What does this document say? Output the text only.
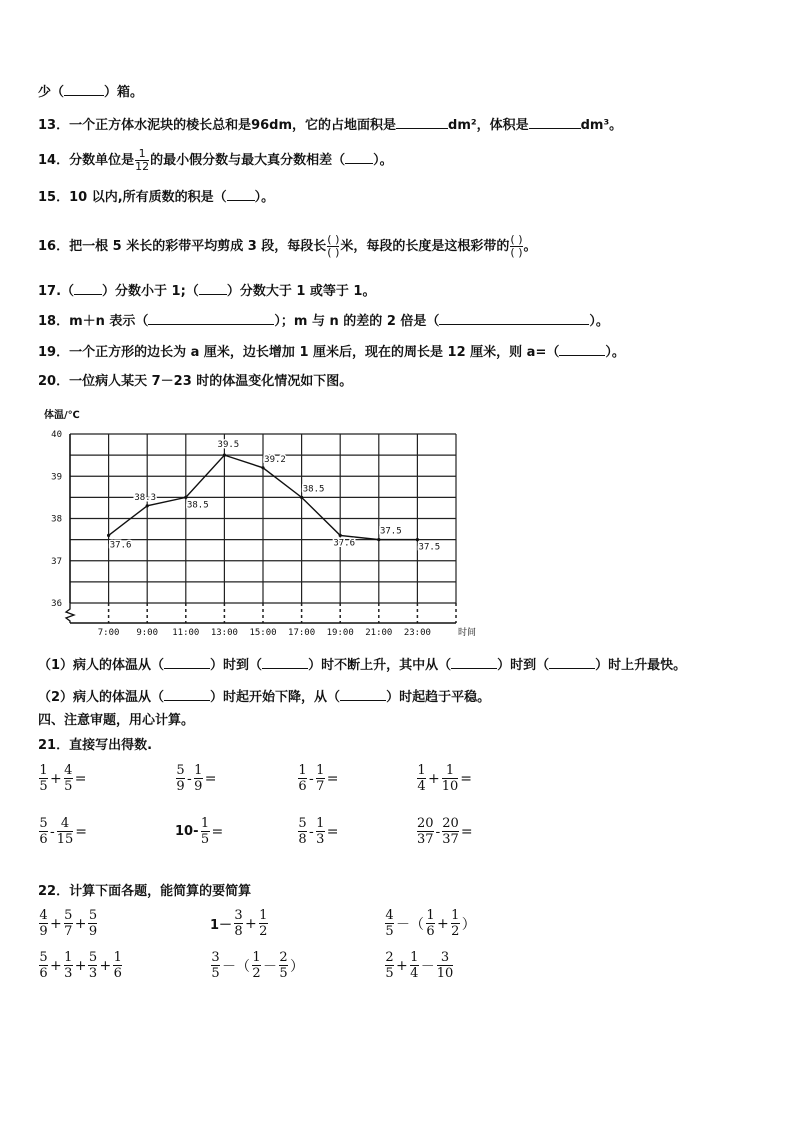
少（	）箱。
13．一个正方体水泥块的棱长总和是96dm，它的占地面积是	dm²，体积是	dm³。
14．分数单位是 $\frac{1}{12}$ 的最小假分数与最大真分数相差（ ）。
15．10 以内,所有质数的积是（ ）。
16．把一根 5 米长的彩带平均剪成 3 段，每段长 $\frac{( )}{( )}$ 米，每段的长度是这根彩带的 $\frac{( )}{( )}$ 。
17.（ ）分数小于 1;（ ）分数大于 1 或等于 1。
18．m＋n 表示（	）；m 与 n 的差的 2 倍是（	）。
19．一个正方形的边长为 a 厘米，边长增加 1 厘米后，现在的周长是 12 厘米，则 a=（	）。
20．一位病人某天 7－23 时的体温变化情况如下图。
36
37
38
39
40
体温/℃
7:00 9:00 11:00 13:00 15:00 17:00 19:00 21:00 23:00	时间
37.6
38.3
38.5
39.5
39.2
38.5
37.6
37.5
37.5
（1）病人的体温从（	）时到（	）时不断上升，其中从（	）时到（	）时上升最快。
（2）病人的体温从（	）时起开始下降，从（	）时起趋于平稳。
四、注意审题，用心计算。
21．直接写出得数.
$\frac{1}{5} + \frac{4}{5}$ =	$\frac{5}{9} - \frac{1}{9}$ =	$\frac{1}{6} - \frac{1}{7}$ =	$\frac{1}{4} + \frac{1}{10}$ =
$\frac{5}{6} - \frac{4}{15}$ =	$10- \frac{1}{5}$ =	$\frac{5}{8} - \frac{1}{3}$ =	$\frac{20}{37} - \frac{20}{37}$ =
22．计算下面各题，能简算的要简算
$\frac{4}{9} + \frac{5}{7} + \frac{5}{9}$	$1- \frac{3}{8} + \frac{1}{2}$	$\frac{4}{5}$ －（ $\frac{1}{6} + \frac{1}{2}$ ）
$\frac{5}{6} + \frac{1}{3} + \frac{5}{3} + \frac{1}{6}$	$\frac{3}{5}$ －（ $\frac{1}{2} - \frac{2}{5}$ ）	$\frac{2}{5} + \frac{1}{4} - \frac{3}{10}$
